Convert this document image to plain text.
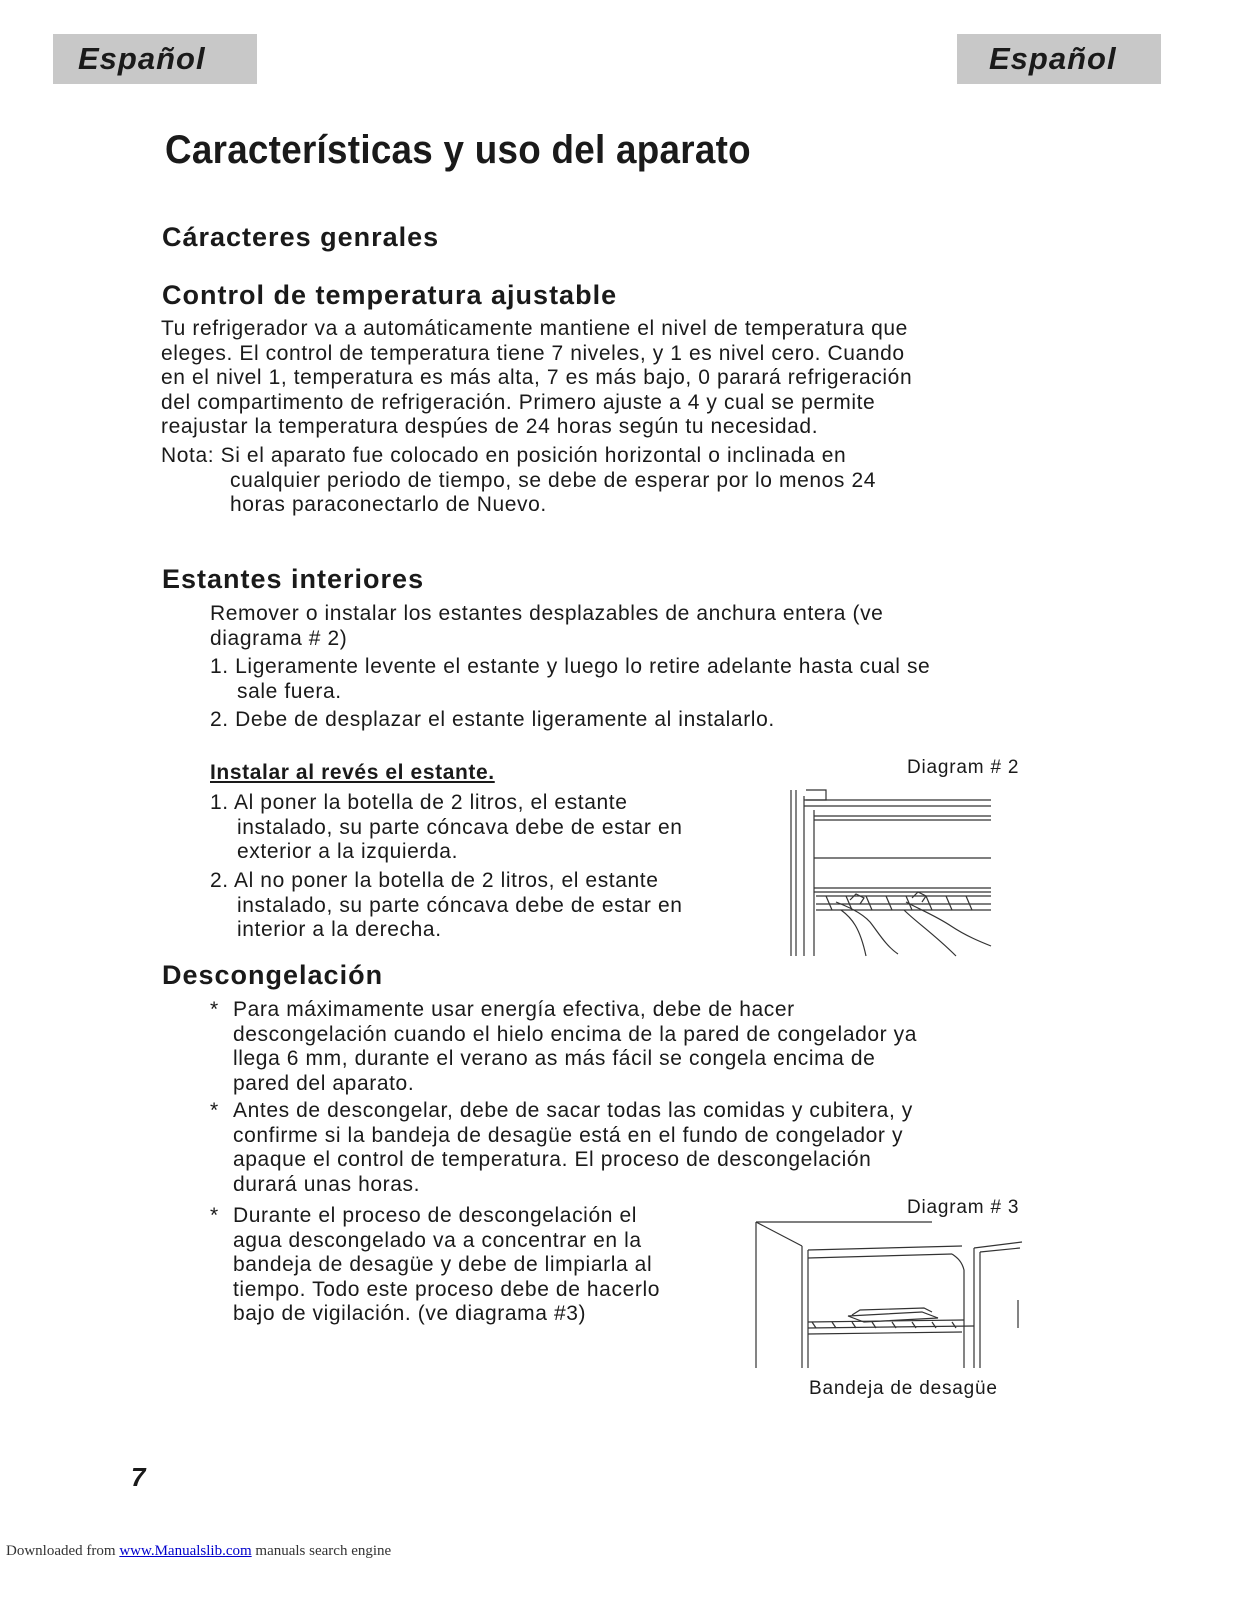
Español	Español
Características y uso del aparato
Cáracteres genrales
Control de temperatura ajustable
Tu refrigerador va a automáticamente mantiene el nivel de temperatura que
eleges. El control de temperatura tiene 7 niveles, y 1 es nivel cero. Cuando
en el nivel 1, temperatura es más alta, 7 es más bajo, 0 parará refrigeración
del compartimento de refrigeración. Primero ajuste a 4 y cual se permite
reajustar la temperatura despúes de 24 horas según tu necesidad.
Nota: Si el aparato fue colocado en posición horizontal o inclinada en
cualquier periodo de tiempo, se debe de esperar por lo menos 24
horas paraconectarlo de Nuevo.
Estantes interiores
Remover o instalar los estantes desplazables de anchura entera (ve
diagrama # 2)
1. Ligeramente levente el estante y luego lo retire adelante hasta cual se
sale fuera.
2. Debe de desplazar el estante ligeramente al instalarlo.
Instalar al revés el estante.
1. Al poner la botella de 2 litros, el estante
instalado, su parte cóncava debe de estar en
exterior a la izquierda.
2. Al no poner la botella de 2 litros, el estante
instalado, su parte cóncava debe de estar en
interior a la derecha.
Diagram # 2
Descongelación
* Para máximamente usar energía efectiva, debe de hacer
descongelación cuando el hielo encima de la pared de congelador ya
llega 6 mm, durante el verano as más fácil se congela encima de
pared del aparato.
* Antes de descongelar, debe de sacar todas las comidas y cubitera, y
confirme si la bandeja de desagüe está en el fundo de congelador y
apaque el control de temperatura. El proceso de descongelación
durará unas horas.
* Durante el proceso de descongelación el
agua descongelado va a concentrar en la
bandeja de desagüe y debe de limpiarla al
tiempo. Todo este proceso debe de hacerlo
bajo de vigilación. (ve diagrama #3)
Diagram # 3
Bandeja de desagüe
7
Downloaded from www.Manualslib.com manuals search engine
